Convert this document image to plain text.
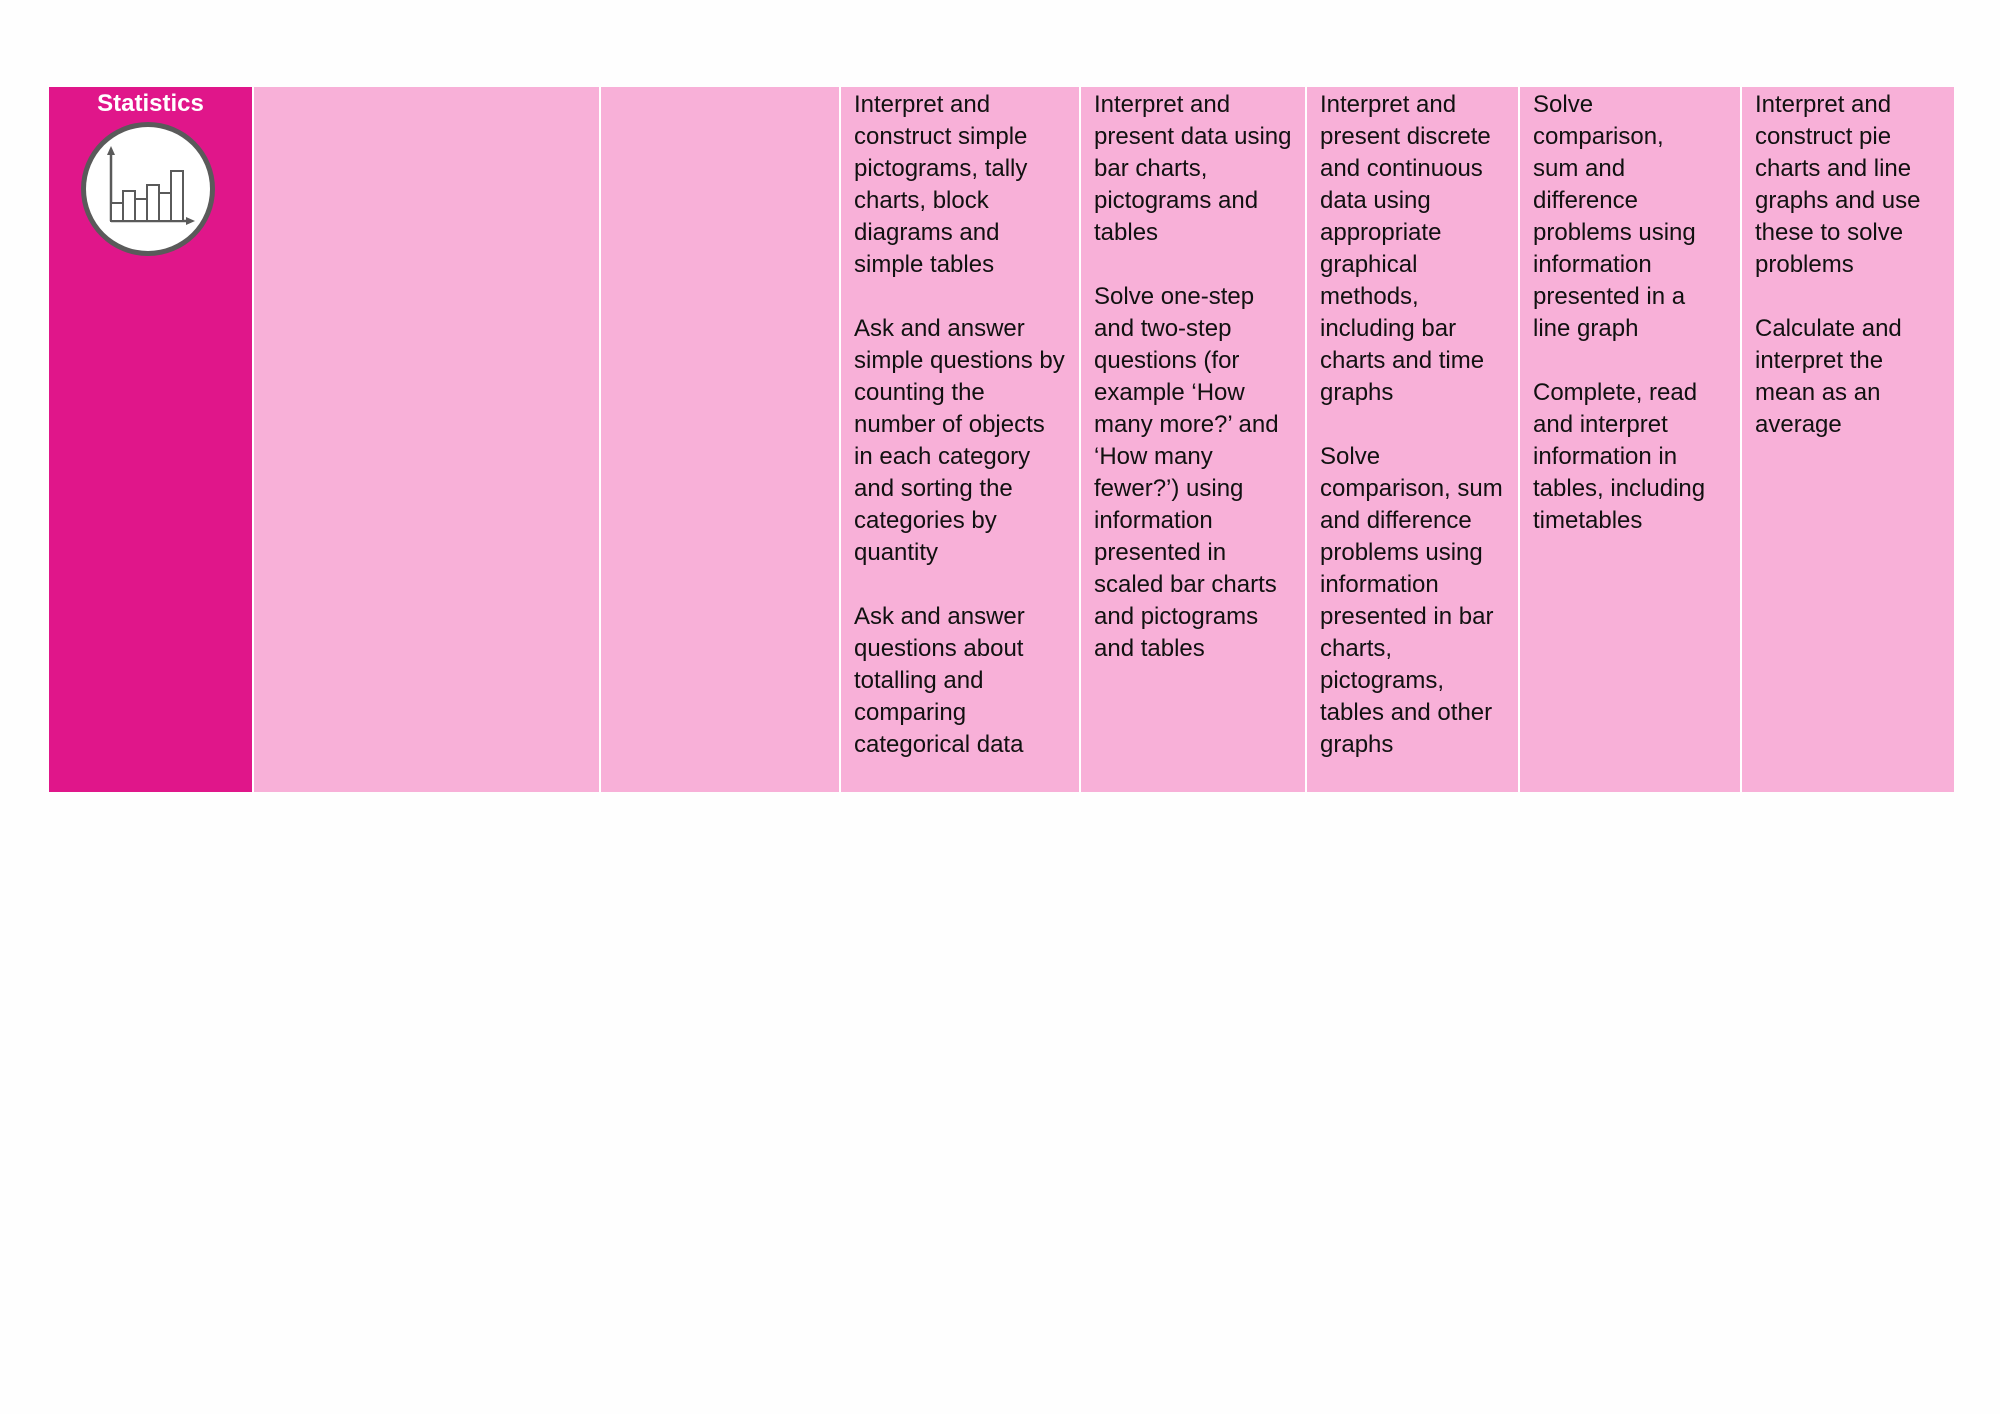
Statistics	Interpret and
construct simple
pictograms, tally
charts, block
diagrams and
simple tables
Ask and answer
simple questions by
counting the
number of objects
in each category
and sorting the
categories by
quantity
Ask and answer
questions about
totalling and
comparing
categorical data
Interpret and
present data using
bar charts,
pictograms and
tables
Solve one-step
and two-step
questions (for
example ‘How
many more?’ and
‘How many
fewer?’) using
information
presented in
scaled bar charts
and pictograms
and tables
Interpret and
present discrete
and continuous
data using
appropriate
graphical
methods,
including bar
charts and time
graphs
Solve
comparison, sum
and difference
problems using
information
presented in bar
charts,
pictograms,
tables and other
graphs
Solve comparison,
sum and
difference
problems using
information
presented in a
line graph
Complete, read
and interpret
information in
tables, including
timetables
Interpret and
construct pie
charts and line
graphs and use
these to solve
problems
Calculate and
interpret the
mean as an
average
